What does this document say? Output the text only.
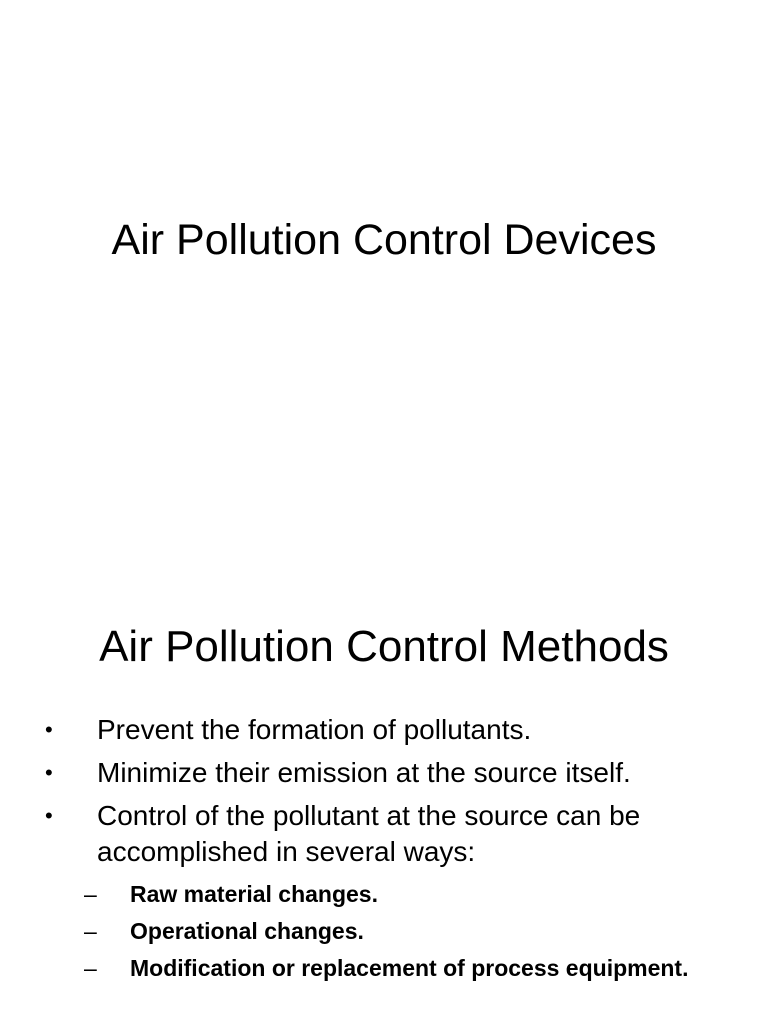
Air Pollution Control Devices
Air Pollution Control Methods
• Prevent the formation of pollutants.
• Minimize their emission at the source itself.
• Control of the pollutant at the source can be accomplished in several ways:
– Raw material changes.
– Operational changes.
– Modification or replacement of process equipment.
